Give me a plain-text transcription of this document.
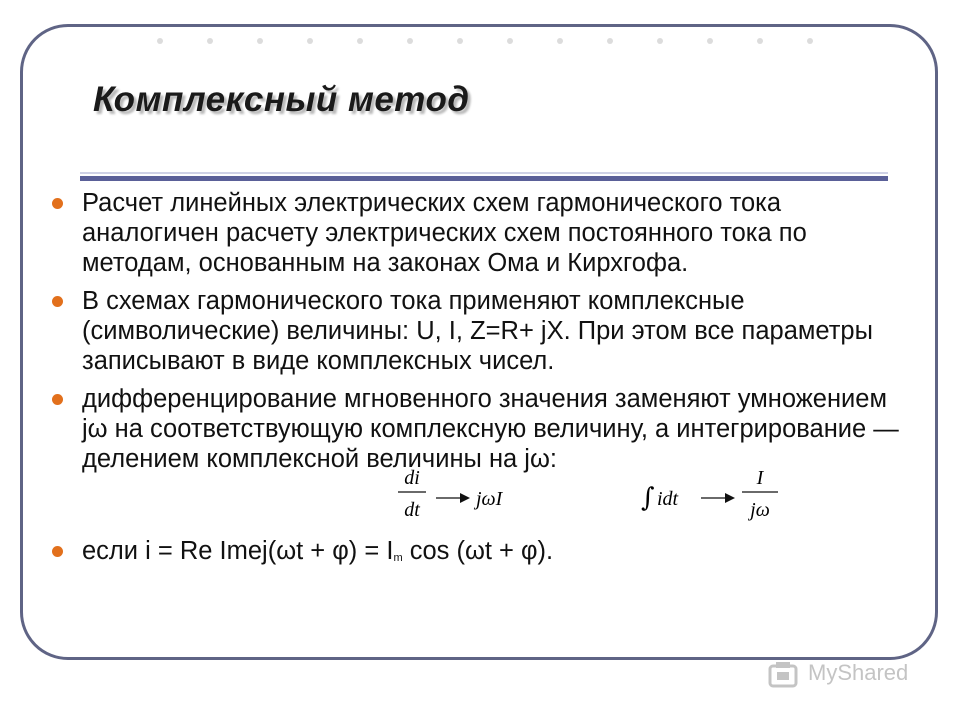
Комплексный метод

Расчет линейных электрических схем гармонического тока аналогичен расчету электрических схем постоянного тока по методам, основанным на законах Ома и Кирхгофа.

В схемах гармонического тока применяют комплексные (символические) величины: U, I, Z=R+ jX. При этом все параметры записывают в виде комплексных чисел.

дифференцирование мгновенного значения заменяют умножением jω на соответствующую комплексную величину, а интегрирование — делением комплексной величины на jω:

di
dt	jωI	∫ idt
I
jω

если i = Re Imej(ωt + φ) = Im cos (ωt + φ).

MyShared
